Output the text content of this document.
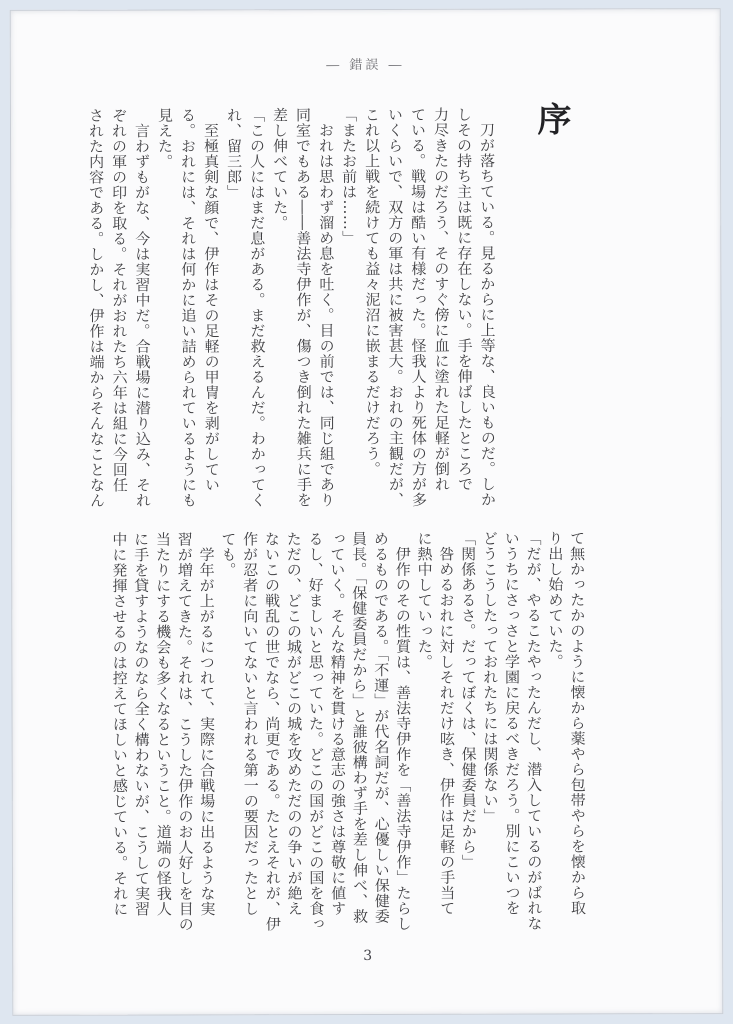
― 錯誤 ―
序
　刀が落ちている。見るからに上等な、良いものだ。しか
しその持ち主は既に存在しない。手を伸ばしたところで
力尽きたのだろう、そのすぐ傍に血に塗れた足軽が倒れ
ている。戦場は酷い有様だった。怪我人より死体の方が多
いくらいで、双方の軍は共に被害甚大。おれの主観だが、
これ以上戦を続けても益々泥沼に嵌まるだけだろう。
「またお前は……」
　おれは思わず溜め息を吐く。目の前では、同じ組であり
同室でもある――善法寺伊作が、傷つき倒れた雑兵に手を
差し伸べていた。
「この人にはまだ息がある。まだ救えるんだ。わかってく
れ、留三郎」
　至極真剣な顔で、伊作はその足軽の甲冑を剥がしてい
る。おれには、それは何かに追い詰められているようにも
見えた。
　言わずもがな、今は実習中だ。合戦場に潜り込み、それ
ぞれの軍の印を取る。それがおれたち六年は組に今回任
された内容である。しかし、伊作は端からそんなことなん
て無かったかのように懐から薬やら包帯やらを懐から取
り出し始めていた。
「だが、やるこたやったんだし、潜入しているのがばれな
いうちにさっさと学園に戻るべきだろう。別にこいつを
どうこうしたっておれたちには関係ない」
「関係あるさ。だってぼくは、保健委員だから」
　咎めるおれに対しそれだけ呟き、伊作は足軽の手当て
に熱中していった。
　伊作のその性質は、善法寺伊作を「善法寺伊作」たらし
めるものである。「不運」が代名詞だが、心優しい保健委
員長。「保健委員だから」と誰彼構わず手を差し伸べ、救
っていく。そんな精神を貫ける意志の強さは尊敬に値す
るし、好ましいと思っていた。どこの国がどこの国を食っ
ただの、どこの城がどこの城を攻めただのの争いが絶え
ないこの戦乱の世でなら、尚更である。たとえそれが、伊
作が忍者に向いてないと言われる第一の要因だったとし
ても。
　学年が上がるにつれて、実際に合戦場に出るような実
習が増えてきた。それは、こうした伊作のお人好しを目の
当たりにする機会も多くなるということ。道端の怪我人
に手を貸すようなのなら全く構わないが、こうして実習
中に発揮させるのは控えてほしいと感じている。それに
3
